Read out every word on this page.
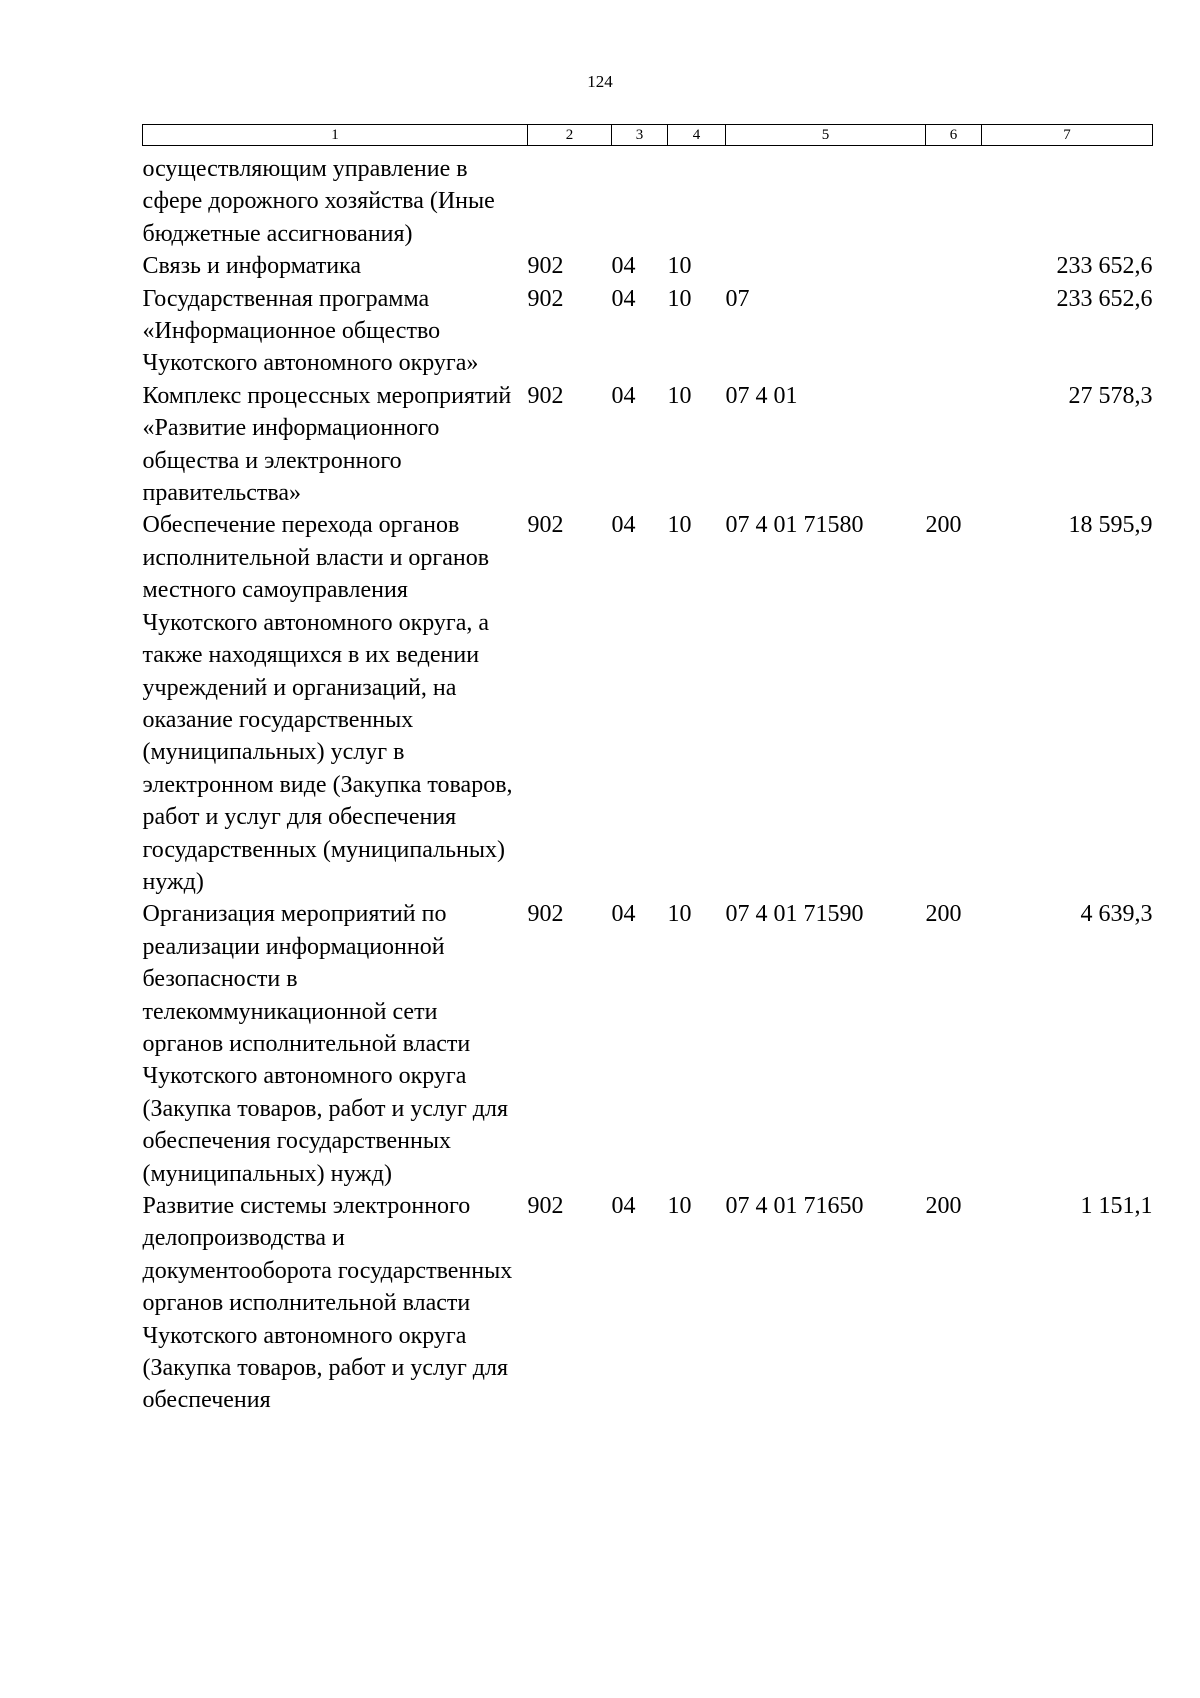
124
1	2	3	4	5	6	7
осуществляющим управление в сфере дорожного хозяйства (Иные бюджетные ассигнования)						
Связь и информатика	902	04	10			233 652,6
Государственная программа «Информационное общество Чукотского автономного округа»	902	04	10	07		233 652,6
Комплекс процессных мероприятий «Развитие информационного общества и электронного правительства»	902	04	10	07 4 01		27 578,3
Обеспечение перехода органов исполнительной власти и органов местного самоуправления Чукотского автономного округа, а также находящихся в их ведении учреждений и организаций, на оказание государственных (муниципальных) услуг в электронном виде (Закупка товаров, работ и услуг для обеспечения государственных (муниципальных) нужд)	902	04	10	07 4 01 71580	200	18 595,9
Организация мероприятий по реализации информационной безопасности в телекоммуникационной сети органов исполнительной власти Чукотского автономного округа (Закупка товаров, работ и услуг для обеспечения государственных (муниципальных) нужд)	902	04	10	07 4 01 71590	200	4 639,3
Развитие системы электронного делопроизводства и документооборота государственных органов исполнительной власти Чукотского автономного округа (Закупка товаров, работ и услуг для обеспечения	902	04	10	07 4 01 71650	200	1 151,1
